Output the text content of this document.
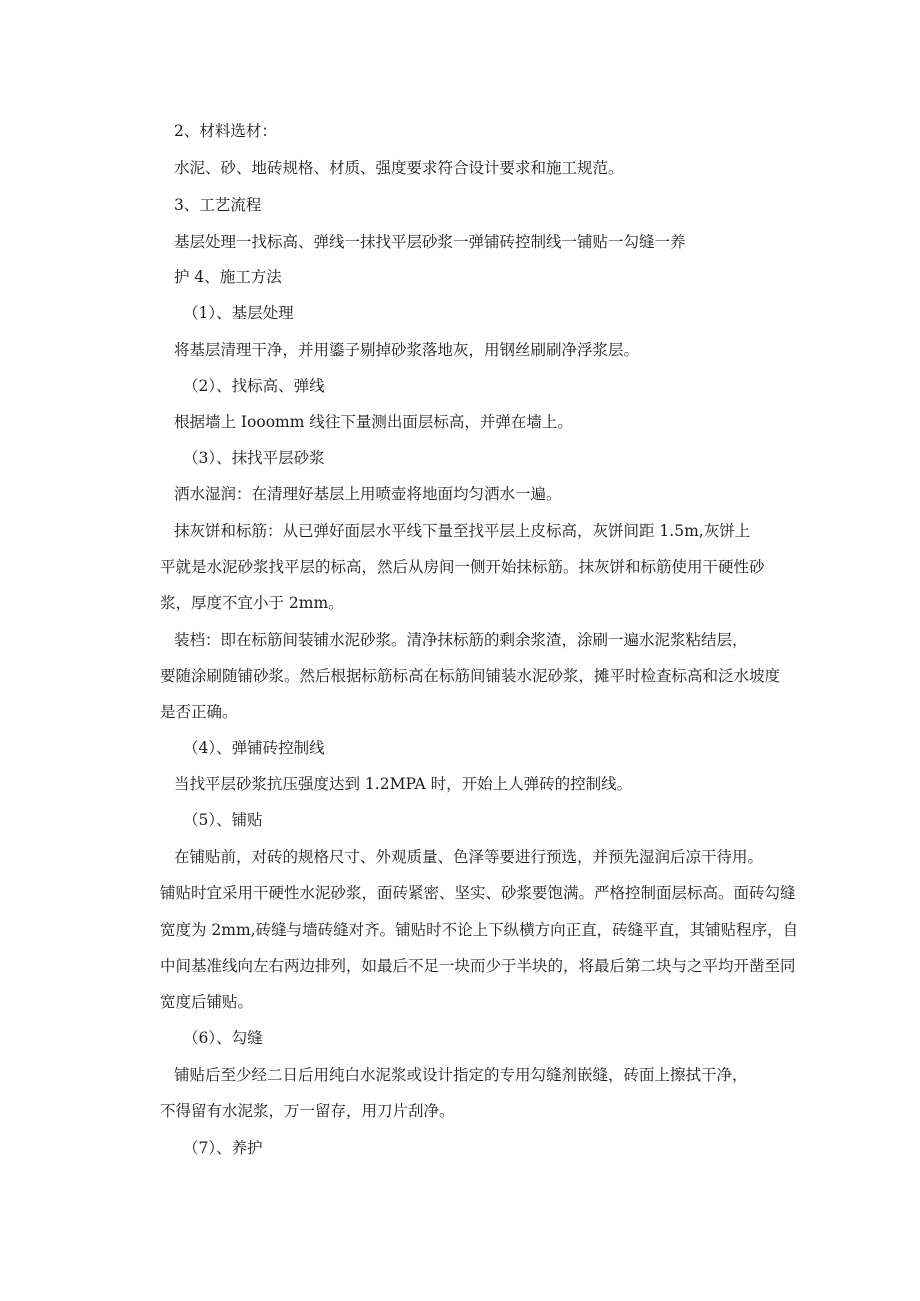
2、材料选材：
水泥、砂、地砖规格、材质、强度要求符合设计要求和施工规范。
3、工艺流程
基层处理一找标高、弹线一抹找平层砂浆一弹铺砖控制线一铺贴一勾缝一养
护 4、施工方法
（1）、基层处理
将基层清理干净，并用鎏子剔掉砂浆落地灰，用钢丝刷刷净浮浆层。
（2）、找标高、弹线
根据墙上 Iooomm 线往下量测出面层标高，并弹在墙上。
（3）、抹找平层砂浆
洒水湿润：在清理好基层上用喷壶将地面均匀洒水一遍。
抹灰饼和标筋：从已弹好面层水平线下量至找平层上皮标高，灰饼间距 1.5m,灰饼上
平就是水泥砂浆找平层的标高，然后从房间一侧开始抹标筋。抹灰饼和标筋使用干硬性砂
浆，厚度不宜小于 2mm。
装档：即在标筋间装铺水泥砂浆。清净抹标筋的剩余浆渣，涂刷一遍水泥浆粘结层，
要随涂刷随铺砂浆。然后根据标筋标高在标筋间铺装水泥砂浆，摊平时检查标高和泛水坡度
是否正确。
（4）、弹铺砖控制线
当找平层砂浆抗压强度达到 1.2MPA 时，开始上人弹砖的控制线。
（5）、铺贴
在铺贴前，对砖的规格尺寸、外观质量、色泽等要进行预选，并预先湿润后凉干待用。
铺贴时宜采用干硬性水泥砂浆，面砖紧密、坚实、砂浆要饱满。严格控制面层标高。面砖勾缝
宽度为 2mm,砖缝与墙砖缝对齐。铺贴时不论上下纵横方向正直，砖缝平直，其铺贴程序，自
中间基准线向左右两边排列，如最后不足一块而少于半块的，将最后第二块与之平均开凿至同
宽度后铺贴。
（6）、勾缝
铺贴后至少经二日后用纯白水泥浆或设计指定的专用勾缝剂嵌缝，砖面上擦拭干净，
不得留有水泥浆，万一留存，用刀片刮净。
（7）、养护
